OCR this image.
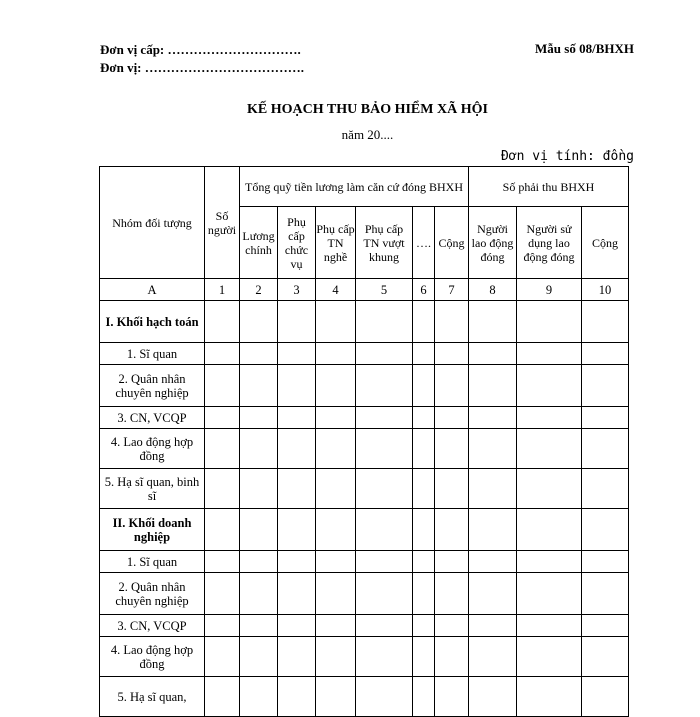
Đơn vị cấp: ………………………….
Đơn vị: ……………………………….
Mẫu số 08/BHXH
KẾ HOẠCH THU BẢO HIỂM XÃ HỘI
năm 20....
Đơn vị tính: đồng
Nhóm đối tượng	Số người	Tổng quỹ tiền lương làm căn cứ đóng BHXH						Số phải thu BHXH		
		Lương chính	Phụ cấp chức vụ	Phụ cấp TN nghề	Phụ cấp TN vượt khung	….	Cộng	Người lao động đóng	Người sử dụng lao động đóng	Cộng
A	1	2	3	4	5	6	7	8	9	10
I. Khối hạch toán										
1. Sĩ quan										
2. Quân nhân chuyên nghiệp										
3. CN, VCQP										
4. Lao động hợp đồng										
5. Hạ sĩ quan, binh sĩ										
II. Khối doanh nghiệp										
1. Sĩ quan										
2. Quân nhân chuyên nghiệp										
3. CN, VCQP										
4. Lao động hợp đồng										
5. Hạ sĩ quan,										
